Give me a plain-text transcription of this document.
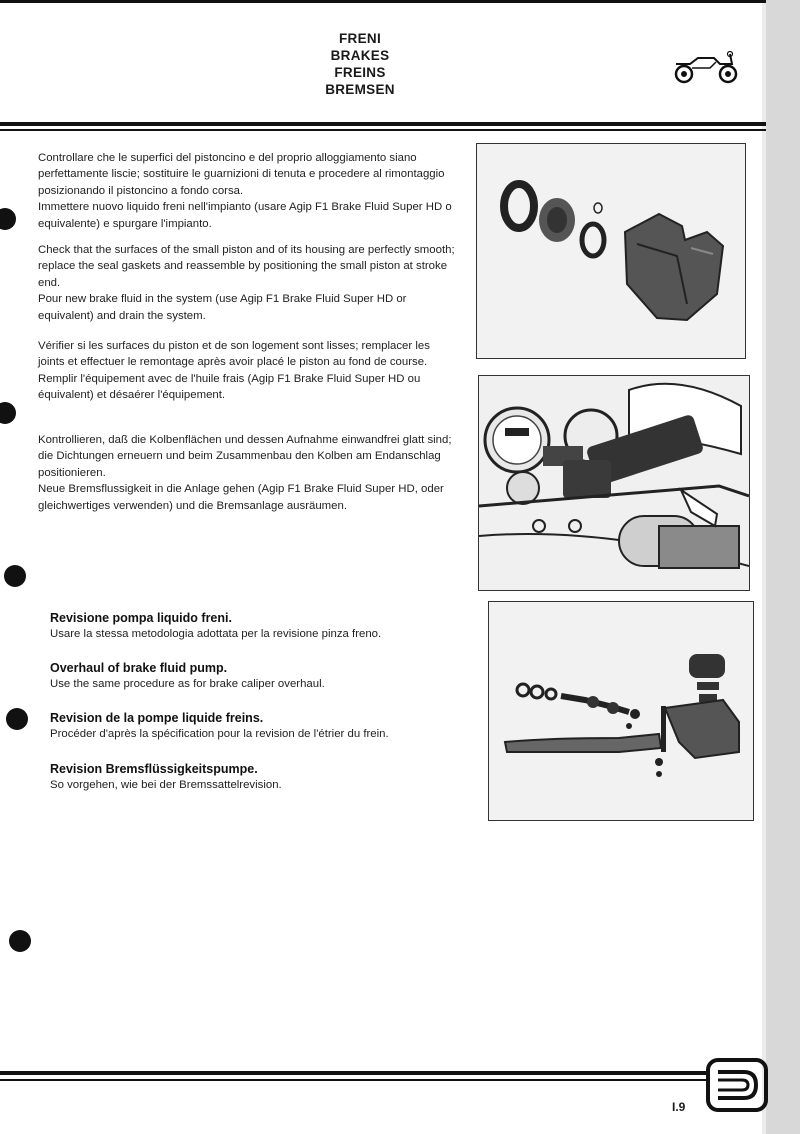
FRENI
BRAKES
FREINS
BREMSEN

Controllare che le superfici del pistoncino e del proprio alloggiamento siano perfettamente liscie; sostituire le guarnizioni di tenuta e procedere al rimontaggio posizionando il pistoncino a fondo corsa.

Immettere nuovo liquido freni nell'impianto (usare Agip F1 Brake Fluid Super HD o equivalente) e spurgare l'impianto.

Check that the surfaces of the small piston and of its housing are perfectly smooth; replace the seal gaskets and reassemble by positioning the small piston at stroke end.

Pour new brake fluid in the system (use Agip F1 Brake Fluid Super HD or equivalent) and drain the system.

Vérifier si les surfaces du piston et de son logement sont lisses; remplacer les joints et effectuer le remontage après avoir placé le piston au fond de course.

Remplir l'équipement avec de l'huile frais (Agip F1 Brake Fluid Super HD ou équivalent) et désaérer l'équipement.

Kontrollieren, daß die Kolbenflächen und dessen Aufnahme einwandfrei glatt sind; die Dichtungen erneuern und beim Zusammenbau den Kolben am Endanschlag positionieren.

Neue Bremsflussigkeit in die Anlage gehen (Agip F1 Brake Fluid Super HD, oder gleichwertiges verwenden) und die Bremsanlage ausräumen.

Revisione pompa liquido freni.

Usare la stessa metodologia adottata per la revisione pinza freno.

Overhaul of brake fluid pump.

Use the same procedure as for brake caliper overhaul.

Revision de la pompe liquide freins.

Procéder d'après la spécification pour la revision de l'étrier du frein.

Revision Bremsflüssigkeitspumpe.

So vorgehen, wie bei der Bremssattelrevision.

I.9
